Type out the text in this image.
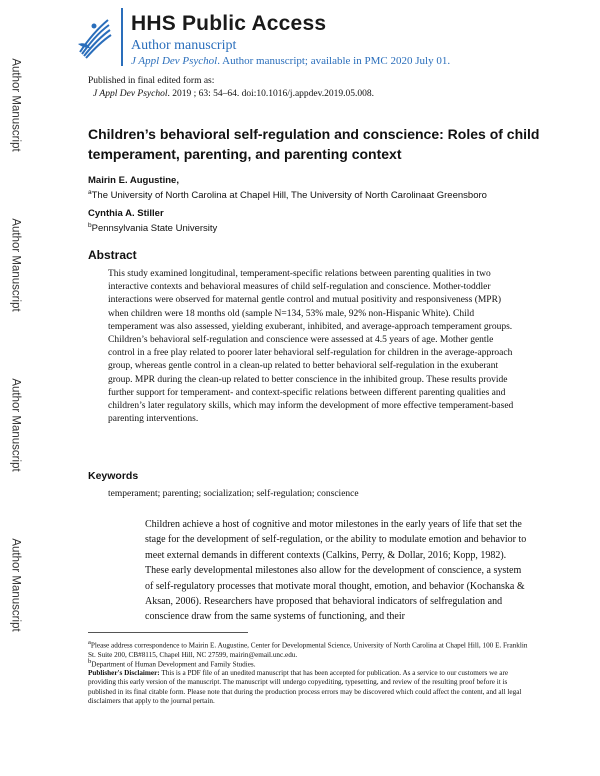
Author Manuscript
Author Manuscript
Author Manuscript
Author Manuscript
HHS Public Access
Author manuscript
J Appl Dev Psychol. Author manuscript; available in PMC 2020 July 01.
Published in final edited form as:
J Appl Dev Psychol. 2019 ; 63: 54–64. doi:10.1016/j.appdev.2019.05.008.
Children’s behavioral self-regulation and conscience: Roles of child temperament, parenting, and parenting context
Mairin E. Augustine,
$^a$The University of North Carolina at Chapel Hill, The University of North Carolinaat Greensboro
Cynthia A. Stiller
$^b$Pennsylvania State University
Abstract

This study examined longitudinal, temperament-specific relations between parenting qualities in two interactive contexts and behavioral measures of child self-regulation and conscience. Mother-toddler interactions were observed for maternal gentle control and mutual positivity and responsiveness (MPR) when children were 18 months old (sample N=134, 53% male, 92% non-Hispanic White). Child temperament was also assessed, yielding exuberant, inhibited, and average-approach temperament groups. Children’s behavioral self-regulation and conscience were assessed at 4.5 years of age. Mother gentle control in a free play related to poorer later behavioral self-regulation for children in the average-approach group, whereas gentle control in a clean-up related to better behavioral self-regulation in the exuberant group. MPR during the clean-up related to better conscience in the inhibited group. These results provide further support for temperament- and context-specific relations between different parenting qualities and children’s later regulatory skills, which may inform the development of more effective temperament-based parenting interventions.

Keywords
temperament; parenting; socialization; self-regulation; conscience

Children achieve a host of cognitive and motor milestones in the early years of life that set the stage for the development of self-regulation, or the ability to modulate emotion and behavior to meet external demands in different contexts (Calkins, Perry, & Dollar, 2016; Kopp, 1982). These early developmental milestones also allow for the development of conscience, a system of self-regulatory processes that motivate moral thought, emotion, and behavior (Kochanska & Aksan, 2006). Researchers have proposed that behavioral indicators of selfregulation and conscience draw from the same systems of functioning, and their

$^a$Please address correspondence to Mairin E. Augustine, Center for Developmental Science, University of North Carolina at Chapel Hill, 100 E. Franklin St. Suite 200, CB#8115, Chapel Hill, NC 27599, mairin@email.unc.edu.

$^b$Department of Human Development and Family Studies.

Publisher's Disclaimer: This is a PDF file of an unedited manuscript that has been accepted for publication. As a service to our customers we are providing this early version of the manuscript. The manuscript will undergo copyediting, typesetting, and review of the resulting proof before it is published in its final citable form. Please note that during the production process errors may be discovered which could affect the content, and all legal disclaimers that apply to the journal pertain.
